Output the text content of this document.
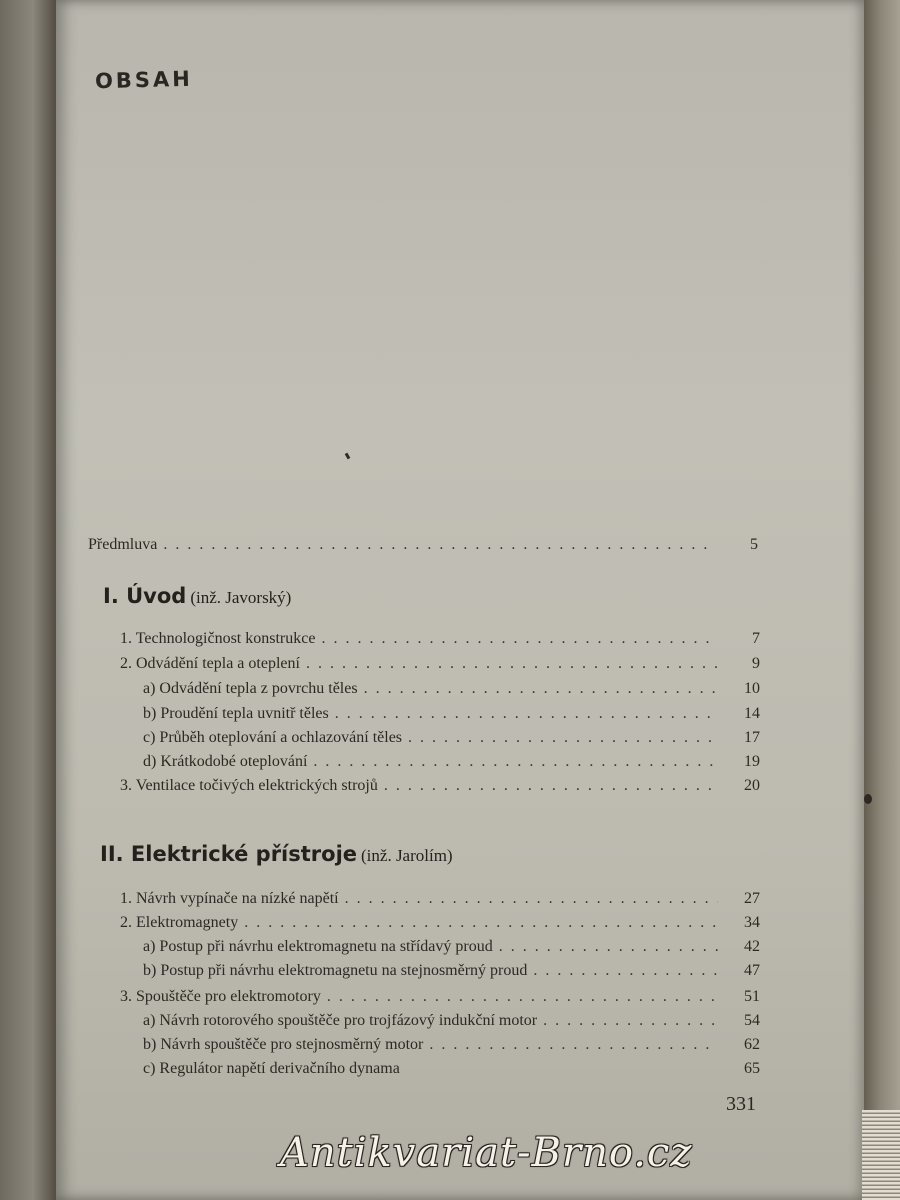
OBSAH
Předmluva . . .	5
I. Úvod (inž. Javorský)
1. Technologičnost konstrukce . . .	7
2. Odvádění tepla a oteplení . . .	9
a) Odvádění tepla z povrchu těles . . .	10
b) Proudění tepla uvnitř těles . . .	14
c) Průběh oteplování a ochlazování těles . . .	17
d) Krátkodobé oteplování . . .	19
3. Ventilace točivých elektrických strojů . . .	20
II. Elektrické přístroje (inž. Jarolím)
1. Návrh vypínače na nízké napětí . . .	27
2. Elektromagnety . . .	34
a) Postup při návrhu elektromagnetu na střídavý proud . . .	42
b) Postup při návrhu elektromagnetu na stejnosměrný proud . . .	47
3. Spouštěče pro elektromotory . . .	51
a) Návrh rotorového spouštěče pro trojfázový indukční motor . . .	54
b) Návrh spouštěče pro stejnosměrný motor . . .	62
c) Regulátor napětí derivačního dynama	65
331
Antikvariat-Brno.cz
